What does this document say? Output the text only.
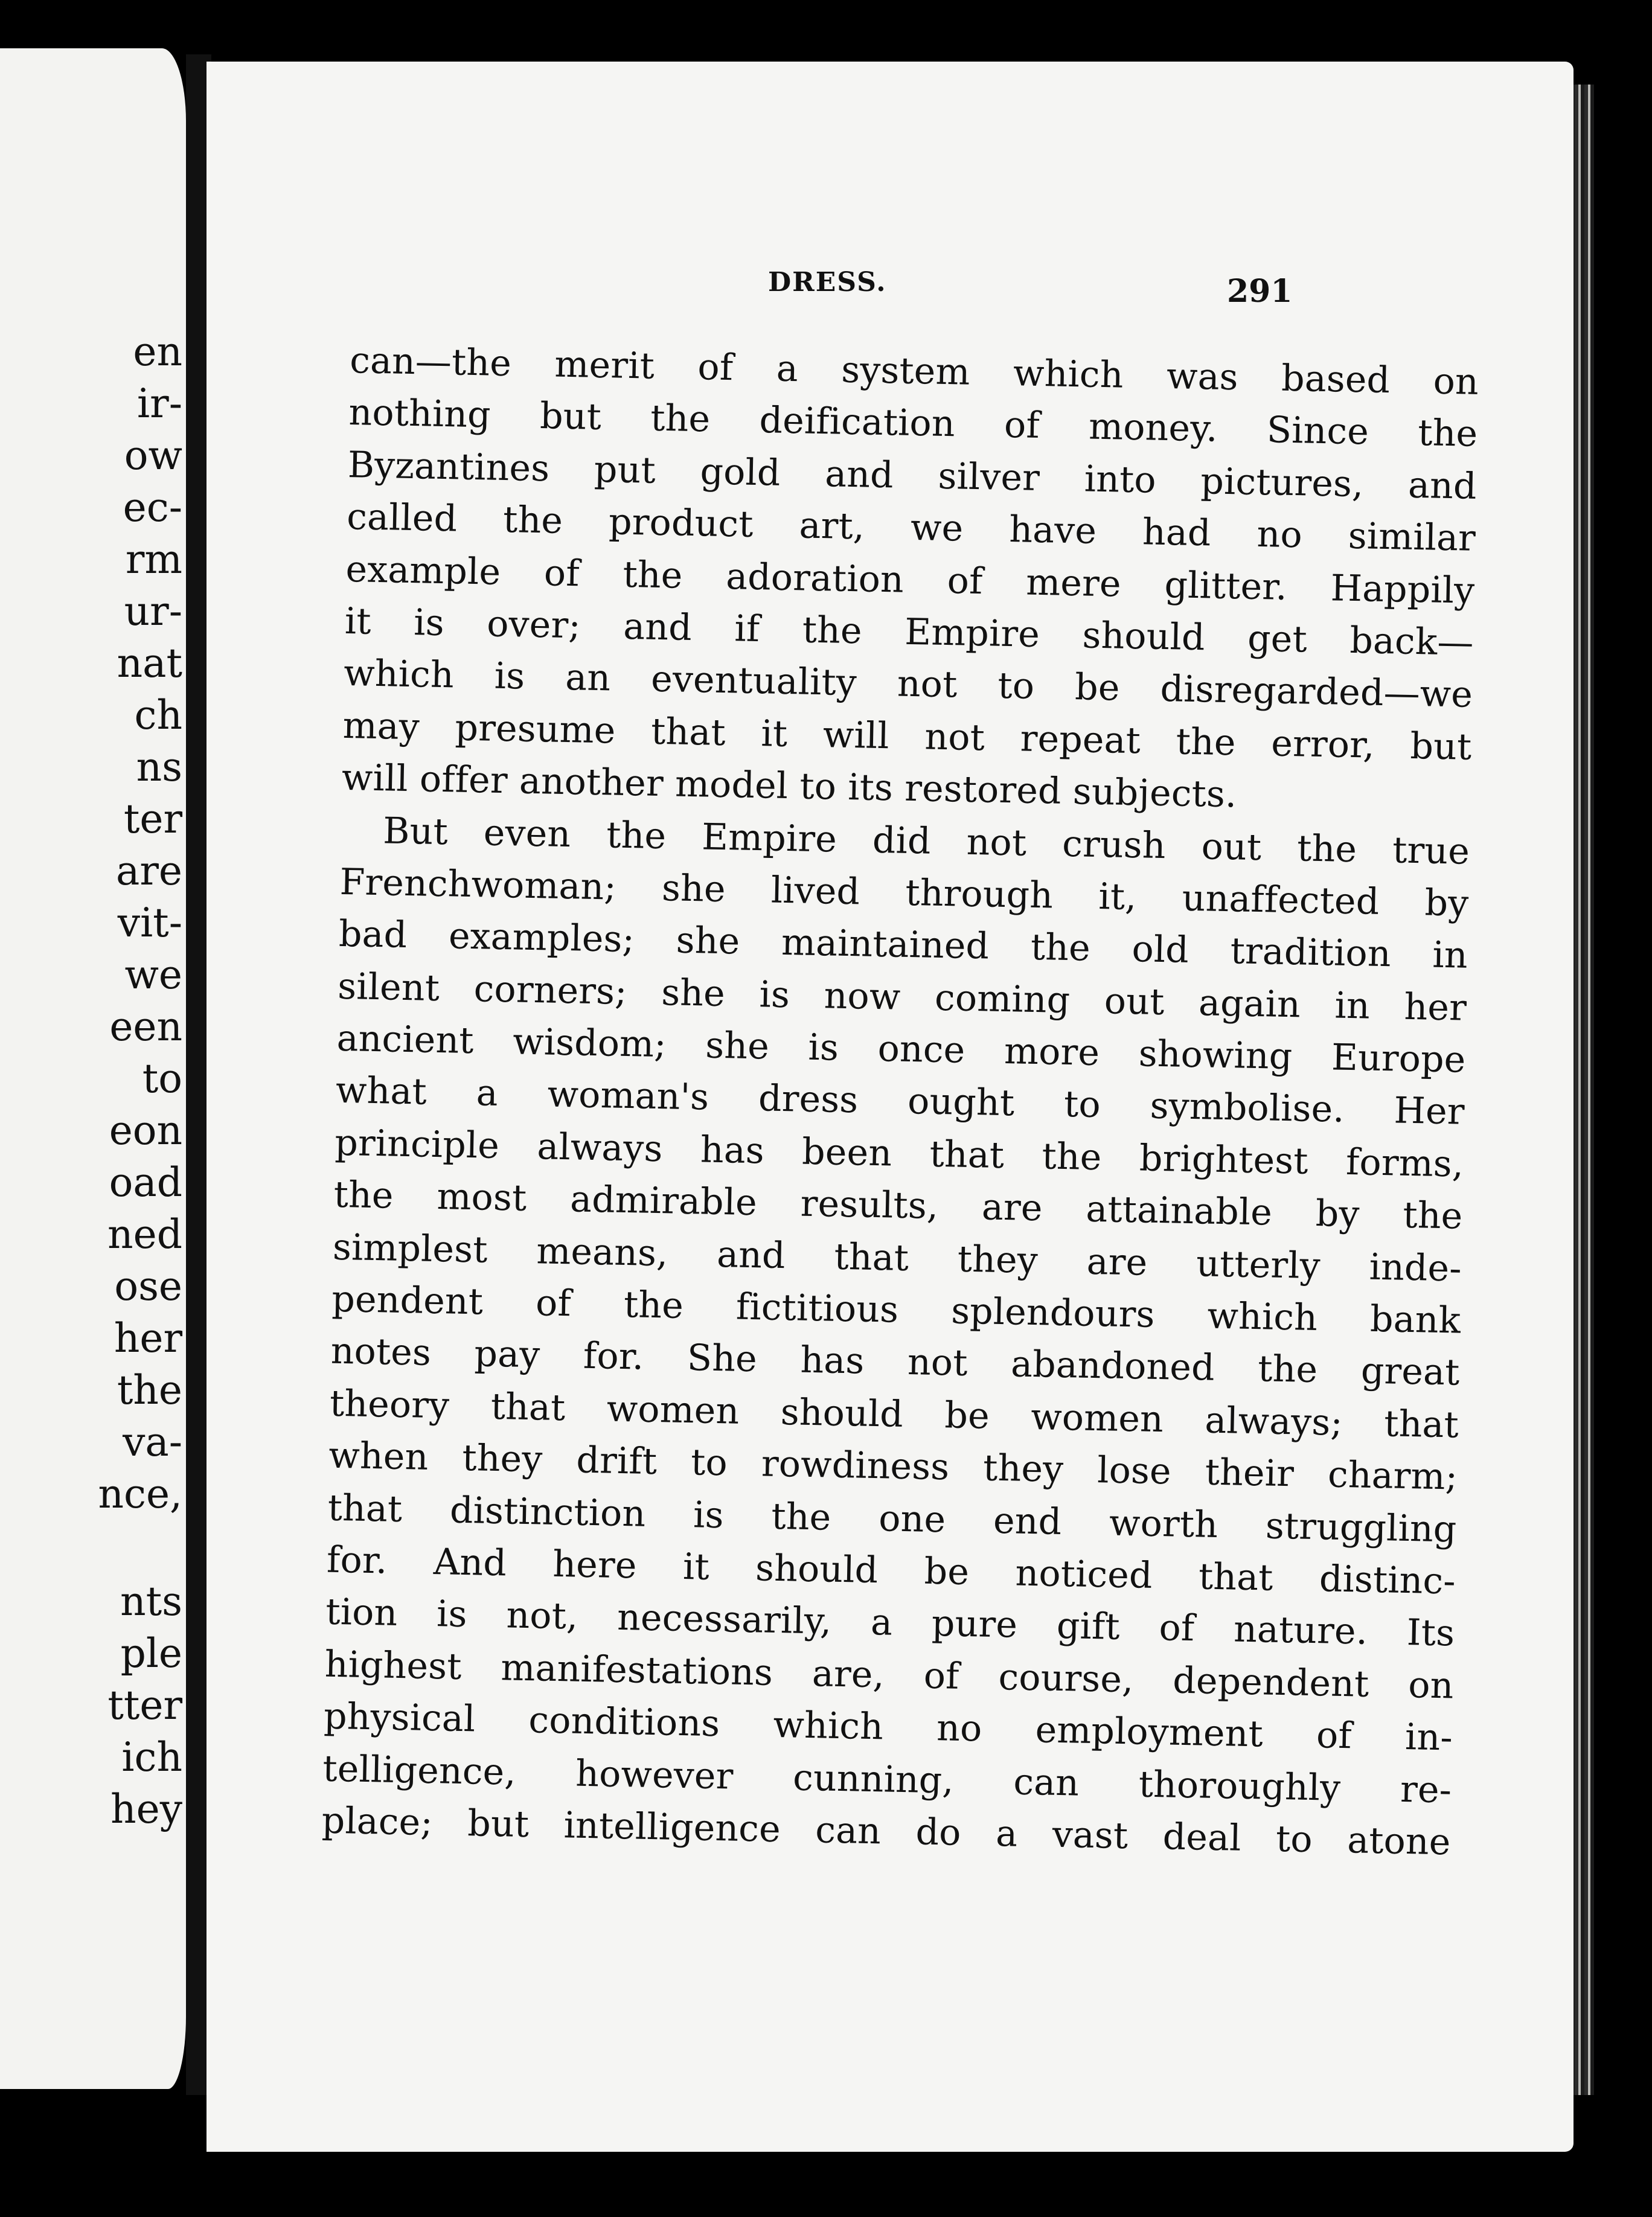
en
ir-
ow
ec-
rm
ur-
nat
ch
ns
ter
are
vit-
we
een
to
eon
oad
ned
ose
her
the
va-
nce,
nts
ple
tter
ich
hey
DRESS.	291
can—the merit of a system which was based on
nothing but the deification of money. Since the
Byzantines put gold and silver into pictures, and
called the product art, we have had no similar
example of the adoration of mere glitter. Happily
it is over; and if the Empire should get back—
which is an eventuality not to be disregarded—we
may presume that it will not repeat the error, but
will offer another model to its restored subjects.
But even the Empire did not crush out the true
Frenchwoman; she lived through it, unaffected by
bad examples; she maintained the old tradition in
silent corners; she is now coming out again in her
ancient wisdom; she is once more showing Europe
what a woman's dress ought to symbolise. Her
principle always has been that the brightest forms,
the most admirable results, are attainable by the
simplest means, and that they are utterly inde-
pendent of the fictitious splendours which bank
notes pay for. She has not abandoned the great
theory that women should be women always; that
when they drift to rowdiness they lose their charm;
that distinction is the one end worth struggling
for. And here it should be noticed that distinc-
tion is not, necessarily, a pure gift of nature. Its
highest manifestations are, of course, dependent on
physical conditions which no employment of in-
telligence, however cunning, can thoroughly re-
place; but intelligence can do a vast deal to atone
